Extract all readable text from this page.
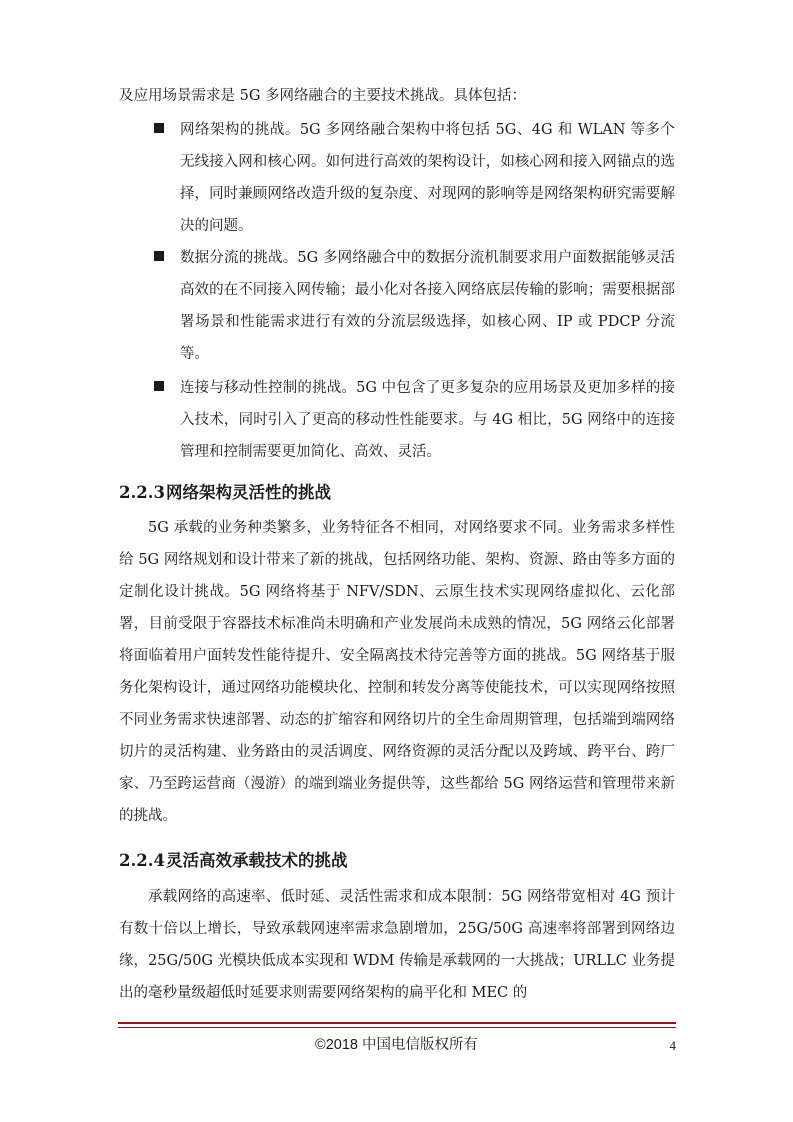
及应用场景需求是 5G 多网络融合的主要技术挑战。具体包括：

网络架构的挑战。5G 多网络融合架构中将包括 5G、4G 和 WLAN 等多个无线接入网和核心网。如何进行高效的架构设计，如核心网和接入网锚点的选择，同时兼顾网络改造升级的复杂度、对现网的影响等是网络架构研究需要解决的问题。

数据分流的挑战。5G 多网络融合中的数据分流机制要求用户面数据能够灵活高效的在不同接入网传输；最小化对各接入网络底层传输的影响；需要根据部署场景和性能需求进行有效的分流层级选择，如核心网、IP 或 PDCP 分流等。

连接与移动性控制的挑战。5G 中包含了更多复杂的应用场景及更加多样的接入技术，同时引入了更高的移动性性能要求。与 4G 相比，5G 网络中的连接管理和控制需要更加简化、高效、灵活。

2.2.3网络架构灵活性的挑战

5G 承载的业务种类繁多，业务特征各不相同，对网络要求不同。业务需求多样性给 5G 网络规划和设计带来了新的挑战，包括网络功能、架构、资源、路由等多方面的定制化设计挑战。5G 网络将基于 NFV/SDN、云原生技术实现网络虚拟化、云化部署，目前受限于容器技术标准尚未明确和产业发展尚未成熟的情况，5G 网络云化部署将面临着用户面转发性能待提升、安全隔离技术待完善等方面的挑战。5G 网络基于服务化架构设计，通过网络功能模块化、控制和转发分离等使能技术，可以实现网络按照不同业务需求快速部署、动态的扩缩容和网络切片的全生命周期管理，包括端到端网络切片的灵活构建、业务路由的灵活调度、网络资源的灵活分配以及跨域、跨平台、跨厂家、乃至跨运营商（漫游）的端到端业务提供等，这些都给 5G 网络运营和管理带来新的挑战。

2.2.4灵活高效承载技术的挑战

承载网络的高速率、低时延、灵活性需求和成本限制：5G 网络带宽相对 4G 预计有数十倍以上增长，导致承载网速率需求急剧增加，25G/50G 高速率将部署到网络边缘，25G/50G 光模块低成本实现和 WDM 传输是承载网的一大挑战；URLLC 业务提出的毫秒量级超低时延要求则需要网络架构的扁平化和 MEC 的

©2018 中国电信版权所有	4
